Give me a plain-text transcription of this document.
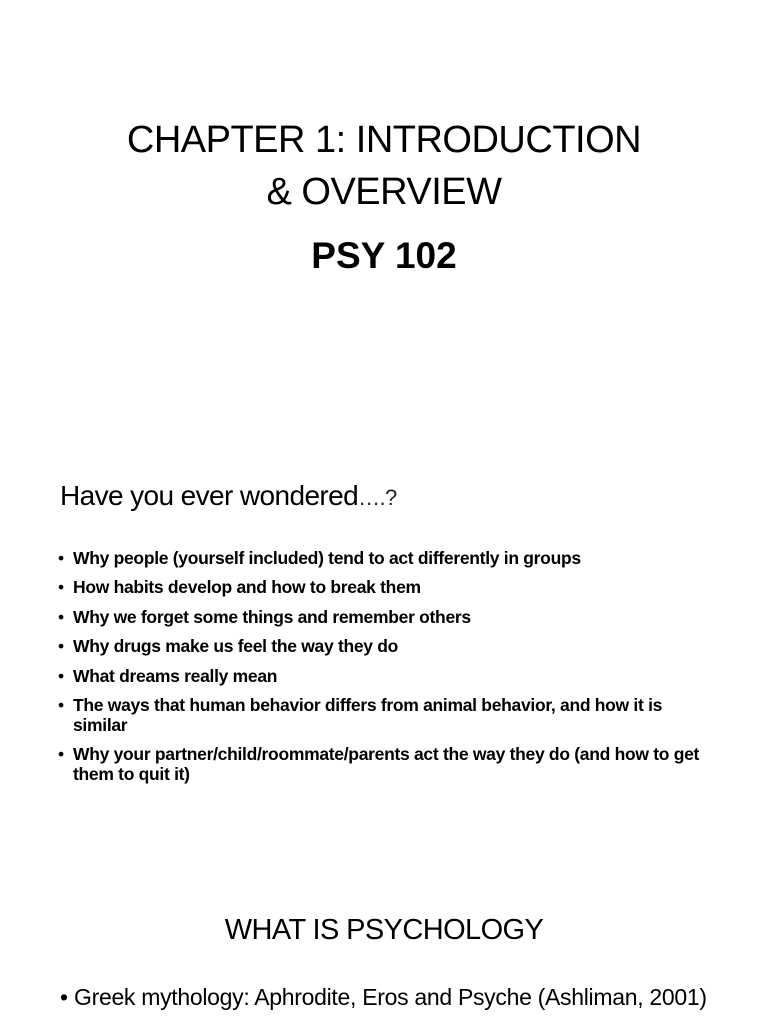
CHAPTER 1: INTRODUCTION
& OVERVIEW
PSY 102
Have you ever wondered….?
• Why people (yourself included) tend to act differently in groups
• How habits develop and how to break them
• Why we forget some things and remember others
• Why drugs make us feel the way they do
• What dreams really mean
• The ways that human behavior differs from animal behavior, and how it is similar
• Why your partner/child/roommate/parents act the way they do (and how to get them to quit it)
WHAT IS PSYCHOLOGY
• Greek mythology: Aphrodite, Eros and Psyche (Ashliman, 2001)
